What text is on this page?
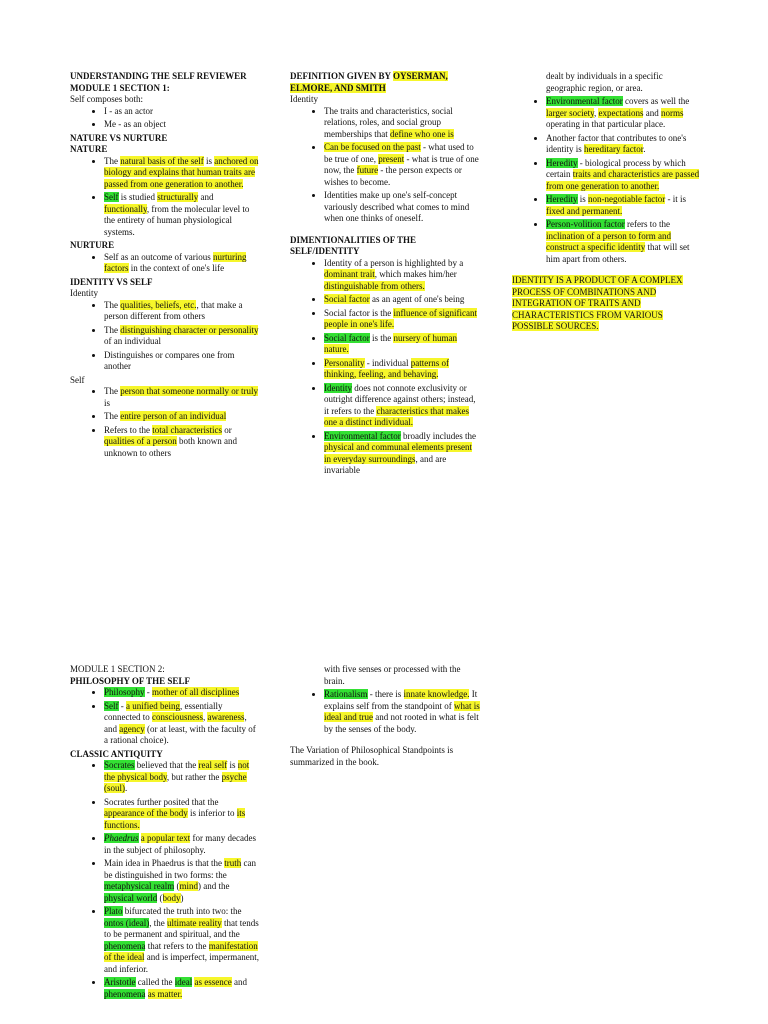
UNDERSTANDING THE SELF REVIEWER

MODULE 1 SECTION 1:

Self composes both:

• I - as an actor
• Me - as an object

NATURE VS NURTURE

NATURE

• The natural basis of the self is anchored on biology and explains that human traits are passed from one generation to another.
• Self is studied structurally and functionally, from the molecular level to the entirety of human physiological systems.

NURTURE

• Self as an outcome of various nurturing factors in the context of one's life

IDENTITY VS SELF

Identity

• The qualities, beliefs, etc., that make a person different from others
• The distinguishing character or personality of an individual
• Distinguishes or compares one from another

Self

• The person that someone normally or truly is
• The entire person of an individual
• Refers to the total characteristics or qualities of a person both known and unknown to others

DEFINITION GIVEN BY OYSERMAN, ELMORE, AND SMITH

Identity

• The traits and characteristics, social relations, roles, and social group memberships that define who one is
• Can be focused on the past - what used to be true of one, present - what is true of one now, the future - the person expects or wishes to become.
• Identities make up one's self-concept variously described what comes to mind when one thinks of oneself.

DIMENTIONALITIES OF THE SELF/IDENTITY

• Identity of a person is highlighted by a dominant trait, which makes him/her distinguishable from others.
• Social factor as an agent of one's being
• Social factor is the influence of significant people in one's life.
• Social factor is the nursery of human nature.
• Personality - individual patterns of thinking, feeling, and behaving.
• Identity does not connote exclusivity or outright difference against others; instead, it refers to the characteristics that makes one a distinct individual.
• Environmental factor broadly includes the physical and communal elements present in everyday surroundings, and are invariable
dealt by individuals in a specific geographic region, or area.
• Environmental factor covers as well the larger society, expectations and norms operating in that particular place.
• Another factor that contributes to one's identity is hereditary factor.
• Heredity - biological process by which certain traits and characteristics are passed from one generation to another.
• Heredity is non-negotiable factor - it is fixed and permanent.
• Person-volition factor refers to the inclination of a person to form and construct a specific identity that will set him apart from others.

IDENTITY IS A PRODUCT OF A COMPLEX PROCESS OF COMBINATIONS AND INTEGRATION OF TRAITS AND CHARACTERISTICS FROM VARIOUS POSSIBLE SOURCES.

MODULE 1 SECTION 2:

PHILOSOPHY OF THE SELF

• Philosophy - mother of all disciplines
• Self - a unified being, essentially connected to consciousness, awareness, and agency (or at least, with the faculty of a rational choice).

CLASSIC ANTIQUITY

• Socrates believed that the real self is not the physical body, but rather the psyche (soul).
• Socrates further posited that the appearance of the body is inferior to its functions.
• Phaedrus a popular text for many decades in the subject of philosophy.
• Main idea in Phaedrus is that the truth can be distinguished in two forms: the metaphysical realm (mind) and the physical world (body)
• Plato bifurcated the truth into two: the ontos (ideal), the ultimate reality that tends to be permanent and spiritual, and the phenomena that refers to the manifestation of the ideal and is imperfect, impermanent, and inferior.
• Aristotle called the ideal as essence and phenomena as matter.
with five senses or processed with the brain.
• Rationalism - there is innate knowledge. It explains self from the standpoint of what is ideal and true and not rooted in what is felt by the senses of the body.

The Variation of Philosophical Standpoints is summarized in the book.
